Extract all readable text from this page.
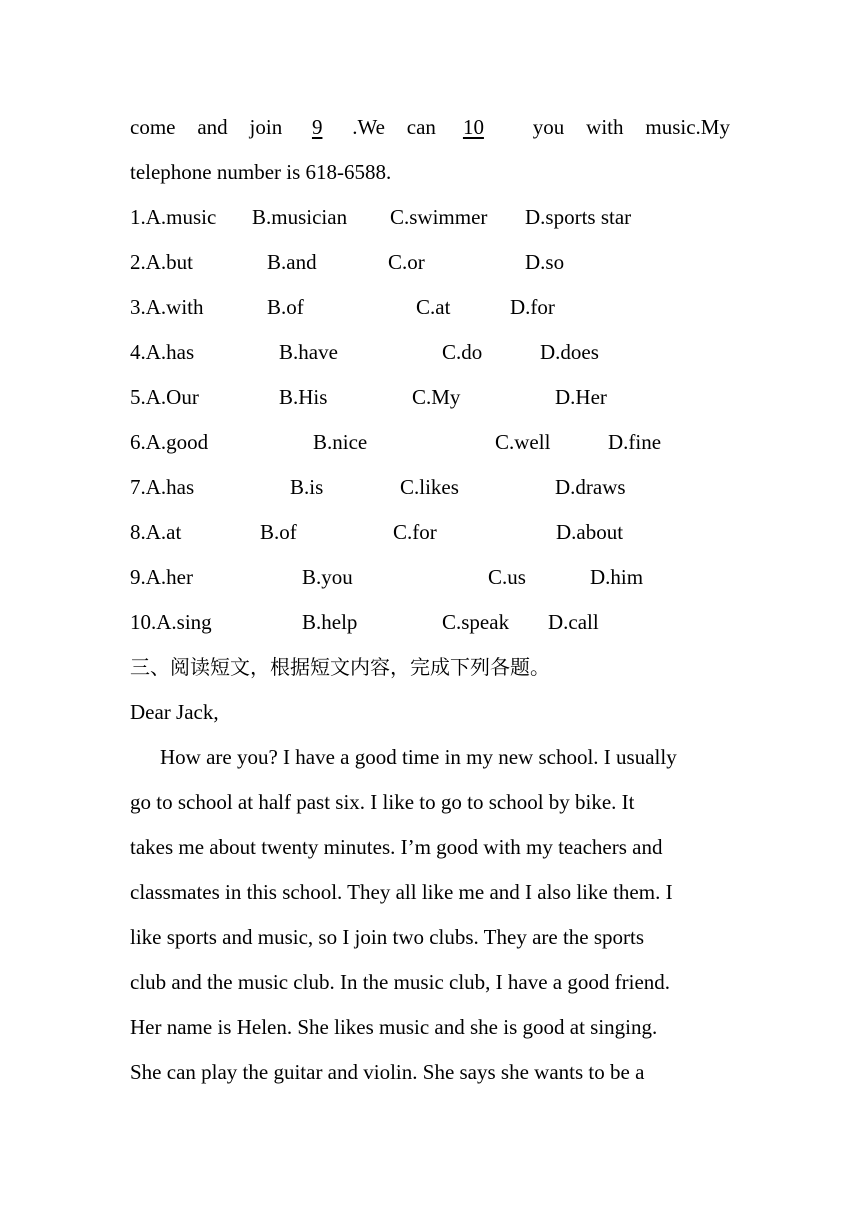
come and join 9 .We can 10	you with music.My
telephone number is 618-6588.
1.A.music B.musician C.swimmer D.sports star
2.A.but	B.and	C.or	D.so
3.A.with	B.of	C.at	D.for
4.A.has	B.have	C.do	D.does
5.A.Our	B.His	C.My	D.Her
6.A.good	B.nice	C.well	D.fine
7.A.has	B.is	C.likes	D.draws
8.A.at	B.of	C.for	D.about
9.A.her	B.you	C.us	D.him
10.A.sing	B.help	C.speak D.call
三、阅读短文，根据短文内容，完成下列各题。
Dear Jack,
How are you? I have a good time in my new school. I usually
go to school at half past six. I like to go to school by bike. It
takes me about twenty minutes. I’m good with my teachers and
classmates in this school. They all like me and I also like them. I
like sports and music, so I join two clubs. They are the sports
club and the music club. In the music club, I have a good friend.
Her name is Helen. She likes music and she is good at singing.
She can play the guitar and violin. She says she wants to be a
